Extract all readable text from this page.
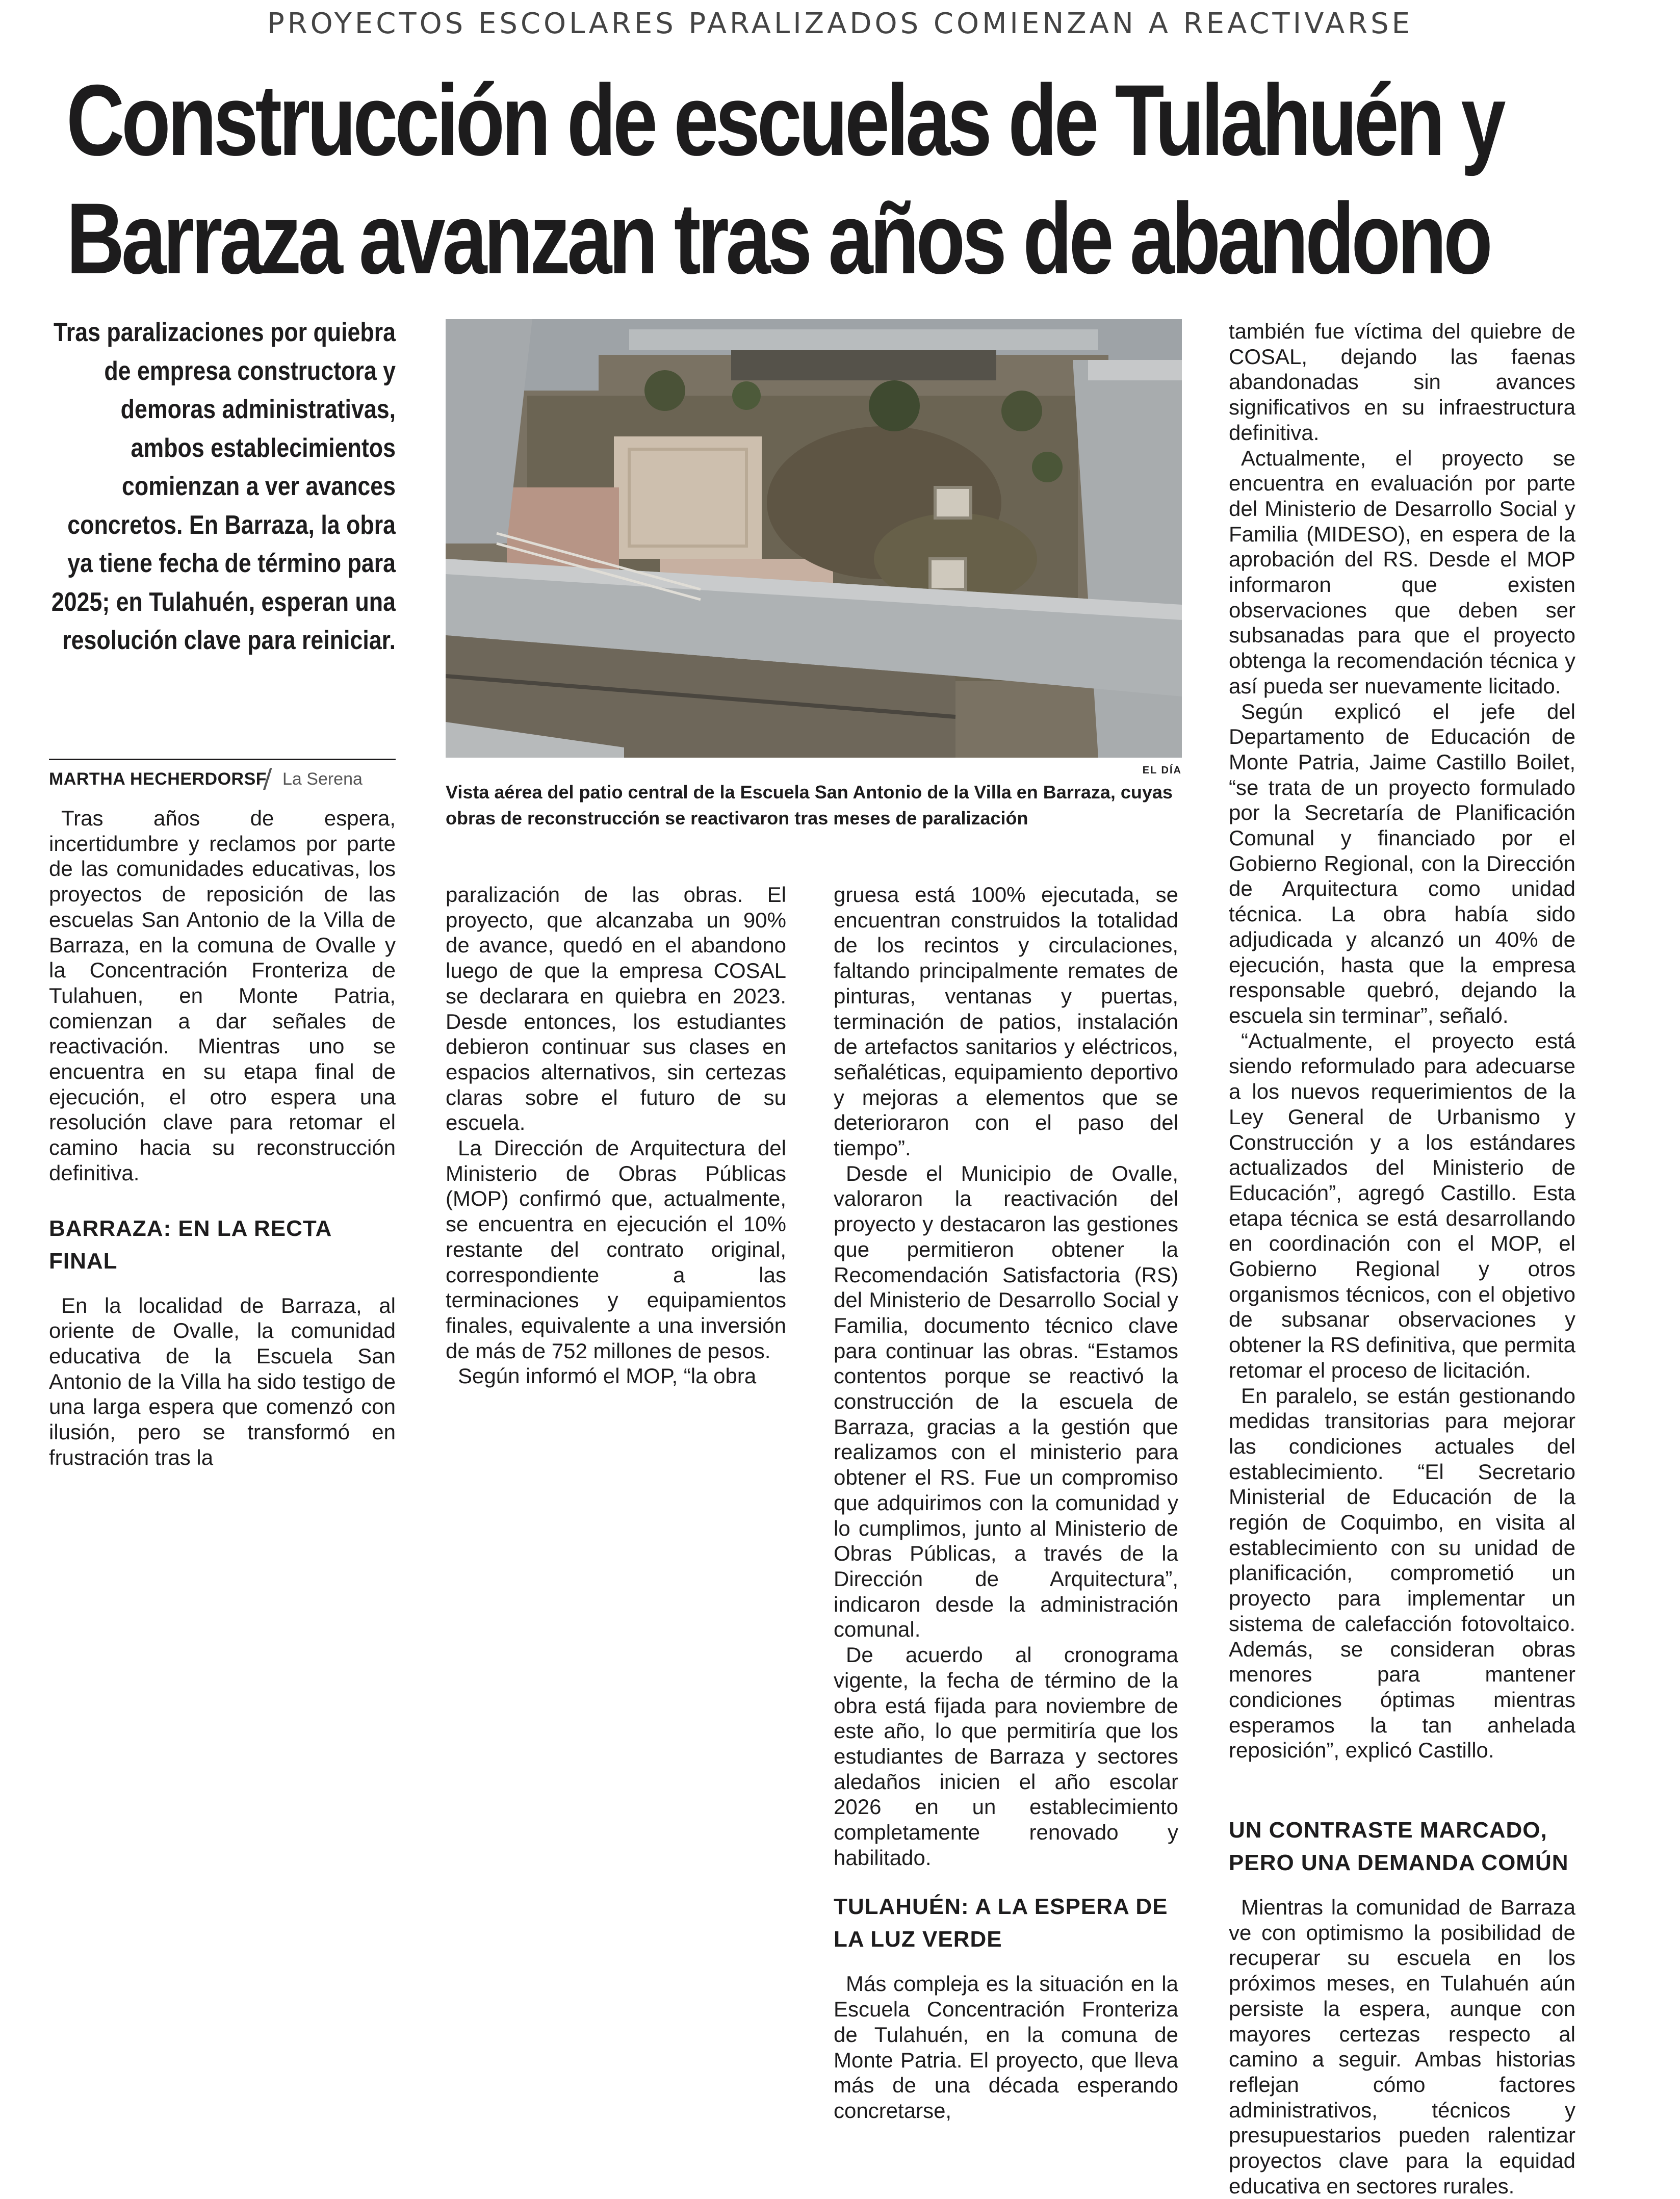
PROYECTOS ESCOLARES PARALIZADOS COMIENZAN A REACTIVARSE
Construcción de escuelas de Tulahuén y
Barraza avanzan tras años de abandono

Tras paralizaciones por quiebra de empresa constructora y demoras administrativas, ambos establecimientos comienzan a ver avances concretos. En Barraza, la obra ya tiene fecha de término para 2025; en Tulahuén, esperan una resolución clave para reiniciar.

MARTHA HECHERDORSF
/ La Serena

Tras años de espera, incertidumbre y reclamos por parte de las comunidades educativas, los proyectos de reposición de las escuelas San Antonio de la Villa de Barraza, en la comuna de Ovalle y la Concentración Fronteriza de Tulahuen, en Monte Patria, comienzan a dar señales de reactivación. Mientras uno se encuentra en su etapa final de ejecución, el otro espera una resolución clave para retomar el camino hacia su reconstrucción definitiva.

BARRAZA: EN LA RECTA FINAL

En la localidad de Barraza, al oriente de Ovalle, la comunidad educativa de la Escuela San Antonio de la Villa ha sido testigo de una larga espera que comenzó con ilusión, pero se transformó en frustración tras la

EL DÍA

Vista aérea del patio central de la Escuela San Antonio de la Villa en Barraza, cuyas obras de reconstrucción se reactivaron tras meses de paralización

paralización de las obras. El proyecto, que alcanzaba un 90% de avance, quedó en el abandono luego de que la empresa COSAL se declarara en quiebra en 2023. Desde entonces, los estudiantes debieron continuar sus clases en espacios alternativos, sin certezas claras sobre el futuro de su escuela.

La Dirección de Arquitectura del Ministerio de Obras Públicas (MOP) confirmó que, actualmente, se encuentra en ejecución el 10% restante del contrato original, correspondiente a las terminaciones y equipamientos finales, equivalente a una inversión de más de 752 millones de pesos.

Según informó el MOP, “la obra

gruesa está 100% ejecutada, se encuentran construidos la totalidad de los recintos y circulaciones, faltando principalmente remates de pinturas, ventanas y puertas, terminación de patios, instalación de artefactos sanitarios y eléctricos, señaléticas, equipamiento deportivo y mejoras a elementos que se deterioraron con el paso del tiempo”.

Desde el Municipio de Ovalle, valoraron la reactivación del proyecto y destacaron las gestiones que permitieron obtener la Recomendación Satisfactoria (RS) del Ministerio de Desarrollo Social y Familia, documento técnico clave para continuar las obras. “Estamos contentos porque se reactivó la construcción de la escuela de Barraza, gracias a la gestión que realizamos con el ministerio para obtener el RS. Fue un compromiso que adquirimos con la comunidad y lo cumplimos, junto al Ministerio de Obras Públicas, a través de la Dirección de Arquitectura”, indicaron desde la administración comunal.

De acuerdo al cronograma vigente, la fecha de término de la obra está fijada para noviembre de este año, lo que permitiría que los estudiantes de Barraza y sectores aledaños inicien el año escolar 2026 en un establecimiento completamente renovado y habilitado.

TULAHUÉN: A LA ESPERA DE LA LUZ VERDE

Más compleja es la situación en la Escuela Concentración Fronteriza de Tulahuén, en la comuna de Monte Patria. El proyecto, que lleva más de una década esperando concretarse,

también fue víctima del quiebre de COSAL, dejando las faenas abandonadas sin avances significativos en su infraestructura definitiva.

Actualmente, el proyecto se encuentra en evaluación por parte del Ministerio de Desarrollo Social y Familia (MIDESO), en espera de la aprobación del RS. Desde el MOP informaron que existen observaciones que deben ser subsanadas para que el proyecto obtenga la recomendación técnica y así pueda ser nuevamente licitado.

Según explicó el jefe del Departamento de Educación de Monte Patria, Jaime Castillo Boilet, “se trata de un proyecto formulado por la Secretaría de Planificación Comunal y financiado por el Gobierno Regional, con la Dirección de Arquitectura como unidad técnica. La obra había sido adjudicada y alcanzó un 40% de ejecución, hasta que la empresa responsable quebró, dejando la escuela sin terminar”, señaló.

“Actualmente, el proyecto está siendo reformulado para adecuarse a los nuevos requerimientos de la Ley General de Urbanismo y Construcción y a los estándares actualizados del Ministerio de Educación”, agregó Castillo. Esta etapa técnica se está desarrollando en coordinación con el MOP, el Gobierno Regional y otros organismos técnicos, con el objetivo de subsanar observaciones y obtener la RS definitiva, que permita retomar el proceso de licitación.

En paralelo, se están gestionando medidas transitorias para mejorar las condiciones actuales del establecimiento. “El Secretario Ministerial de Educación de la región de Coquimbo, en visita al establecimiento con su unidad de planificación, comprometió un proyecto para implementar un sistema de calefacción fotovoltaico. Además, se consideran obras menores para mantener condiciones óptimas mientras esperamos la tan anhelada reposición”, explicó Castillo.

UN CONTRASTE MARCADO, PERO UNA DEMANDA COMÚN

Mientras la comunidad de Barraza ve con optimismo la posibilidad de recuperar su escuela en los próximos meses, en Tulahuén aún persiste la espera, aunque con mayores certezas respecto al camino a seguir. Ambas historias reflejan cómo factores administrativos, técnicos y presupuestarios pueden ralentizar proyectos clave para la equidad educativa en sectores rurales.
